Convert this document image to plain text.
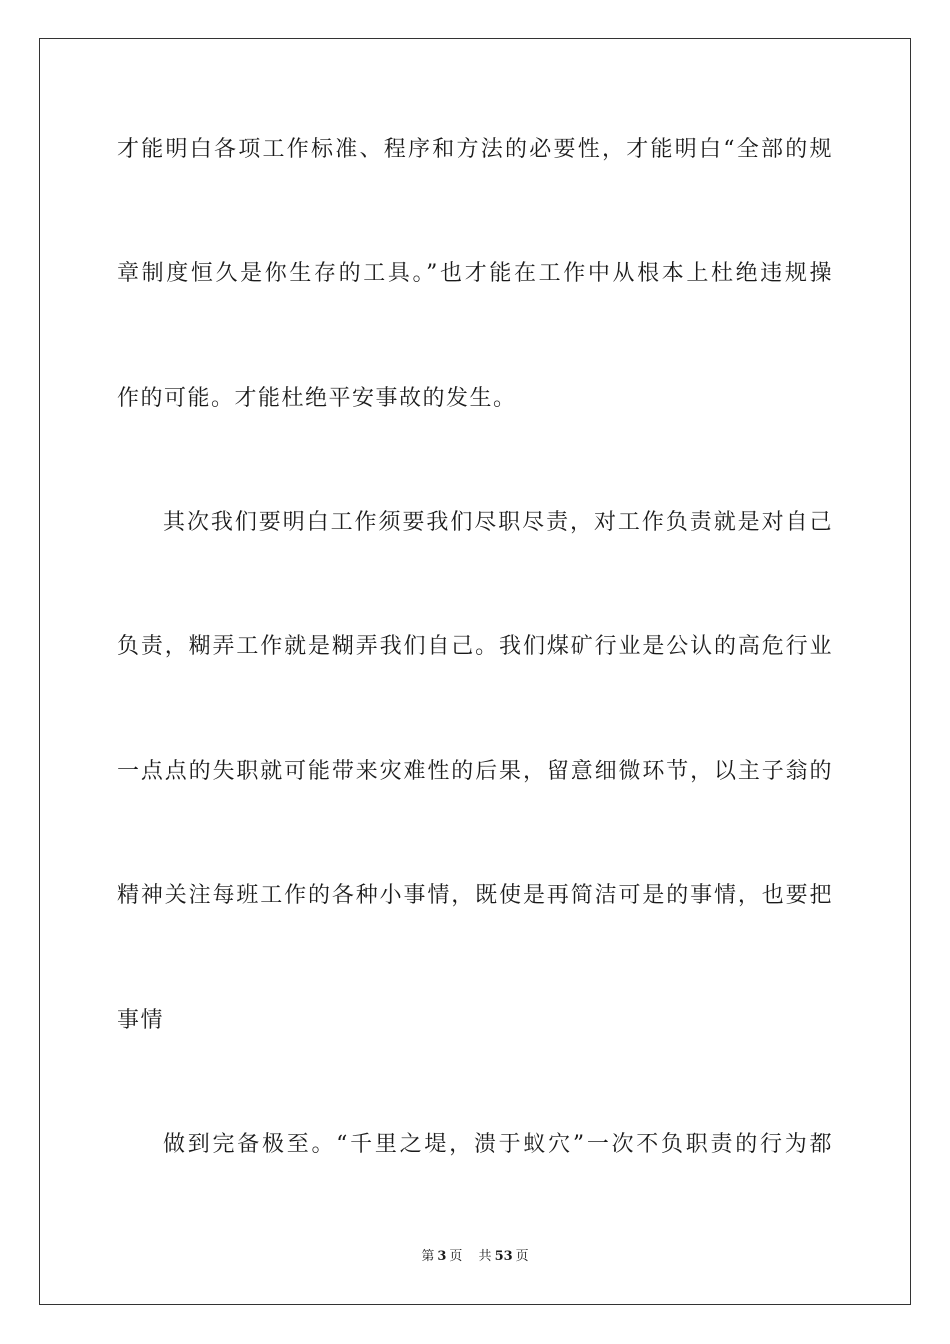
才能明白各项工作标准、程序和方法的必要性，才能明白“全部的规
章制度恒久是你生存的工具。”也才能在工作中从根本上杜绝违规操
作的可能。才能杜绝平安事故的发生。
其次我们要明白工作须要我们尽职尽责，对工作负责就是对自己
负责，糊弄工作就是糊弄我们自己。我们煤矿行业是公认的高危行业
一点点的失职就可能带来灾难性的后果，留意细微环节，以主子翁的
精神关注每班工作的各种小事情，既使是再简洁可是的事情，也要把
事情
做到完备极至。“千里之堤，溃于蚁穴”一次不负职责的行为都
第 3 页 共 53 页
